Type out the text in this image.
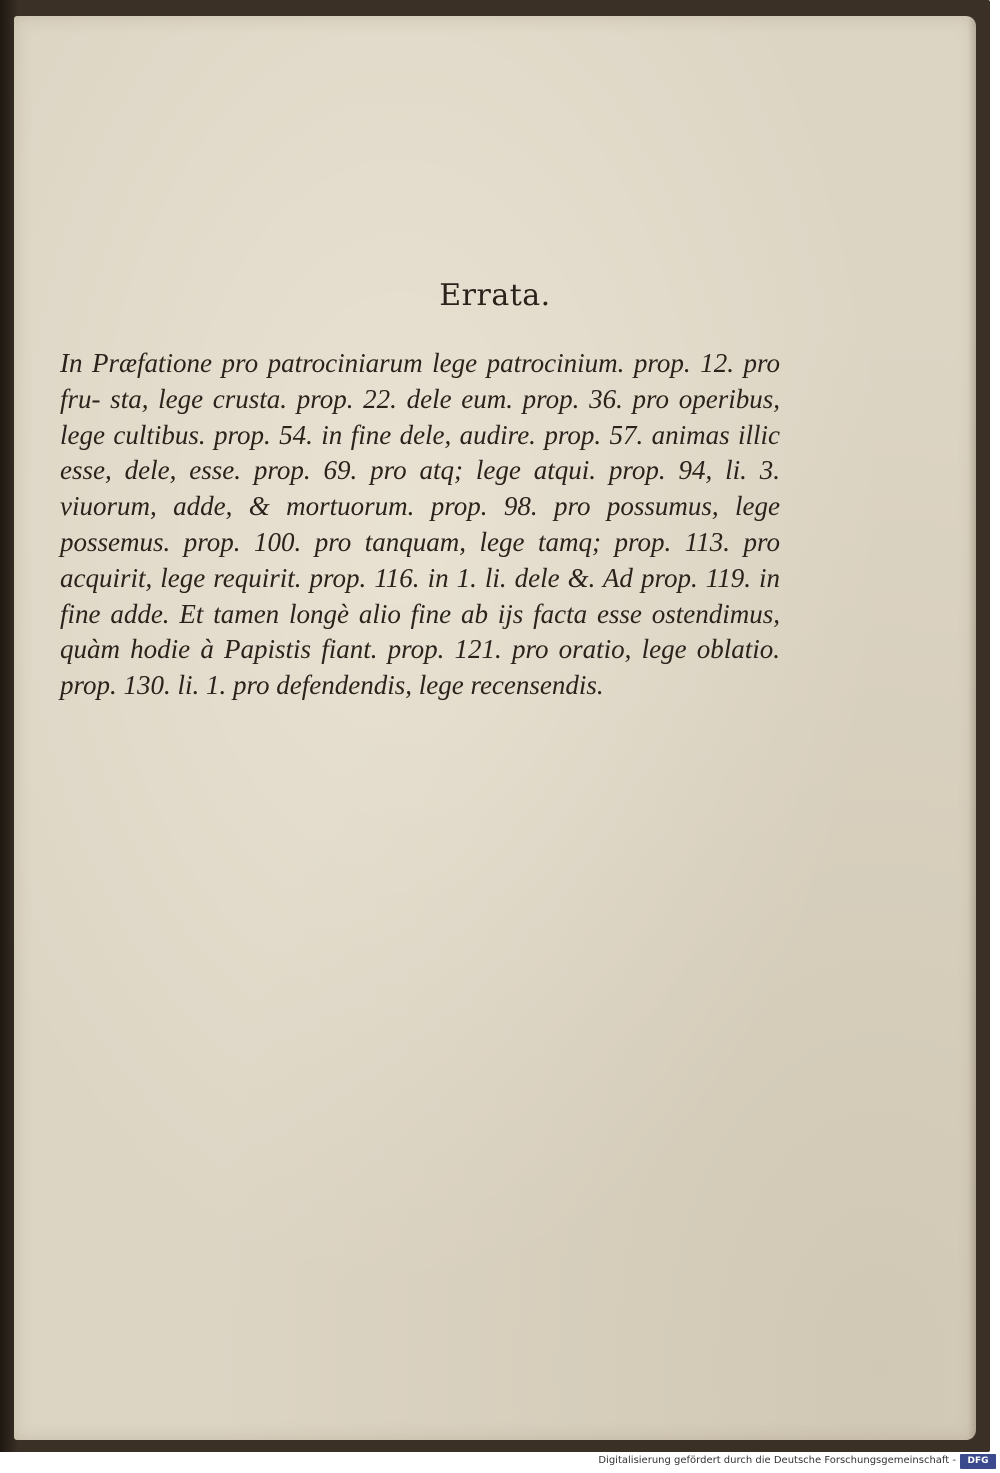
Errata.

In Præfatione pro patrociniarum lege patrocinium. prop. 12. pro fru- sta, lege crusta. prop. 22. dele eum. prop. 36. pro operibus, lege cultibus. prop. 54. in fine dele, audire. prop. 57. animas illic esse, dele, esse. prop. 69. pro atq; lege atqui. prop. 94, li. 3. viuorum, adde, & mortuorum. prop. 98. pro possumus, lege possemus. prop. 100. pro tanquam, lege tamq; prop. 113. pro acquirit, lege requirit. prop. 116. in 1. li. dele &. Ad prop. 119. in fine adde. Et tamen longè alio fine ab ijs facta esse ostendimus, quàm hodie à Papistis fiant. prop. 121. pro oratio, lege oblatio. prop. 130. li. 1. pro defendendis, lege recensendis.

Digitalisierung gefördert durch die Deutsche Forschungsgemeinschaft -	DFG
